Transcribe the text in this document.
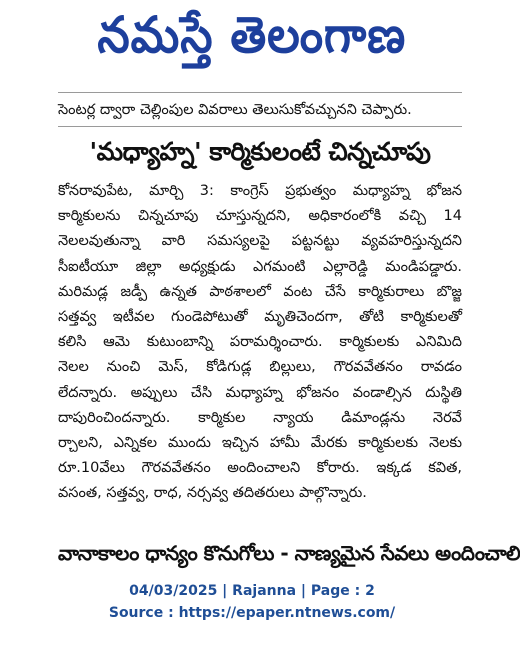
నమస్తే తెలంగాణ
సెంటర్ల ద్వారా చెల్లింపుల వివరాలు తెలుసుకోవచ్చునని చెప్పారు.
'మధ్యాహ్న' కార్మికులంటే చిన్నచూపు
కోనరావుపేట, మార్చి 3: కాంగ్రెస్ ప్రభుత్వం మధ్యాహ్న భోజన
కార్మికులను చిన్నచూపు చూస్తున్నదని, అధికారంలోకి వచ్చి 14
నెలలవుతున్నా వారి సమస్యలపై పట్టనట్టు వ్యవహరిస్తున్నదని
సీఐటీయూ జిల్లా అధ్యక్షుడు ఎగమంటి ఎల్లారెడ్డి మండిపడ్డారు.
మరిమడ్ల జడ్పీ ఉన్నత పాఠశాలలో వంట చేసే కార్మికురాలు బొజ్జ
సత్తవ్వ ఇటీవల గుండెపోటుతో మృతిచెందగా, తోటి కార్మికులతో
కలిసి ఆమె కుటుంబాన్ని పరామర్శించారు. కార్మికులకు ఎనిమిది
నెలల నుంచి మెస్, కోడిగుడ్ల బిల్లులు, గౌరవవేతనం రావడం
లేదన్నారు. అప్పులు చేసి మధ్యాహ్న భోజనం వండాల్సిన దుస్థితి
దాపురించిందన్నారు. కార్మికుల న్యాయ డిమాండ్లను నెరవే
ర్చాలని, ఎన్నికల ముందు ఇచ్చిన హామీ మేరకు కార్మికులకు నెలకు
రూ.10వేలు గౌరవవేతనం అందించాలని కోరారు. ఇక్కడ కవిత,
వసంత, సత్తవ్వ, రాధ, నర్సవ్వ తదితరులు పాల్గొన్నారు.
వానాకాలం ధాన్యం కొనుగోలు - నాణ్యమైన సేవలు అందించాలి
04/03/2025 | Rajanna | Page : 2
Source : https://epaper.ntnews.com/
